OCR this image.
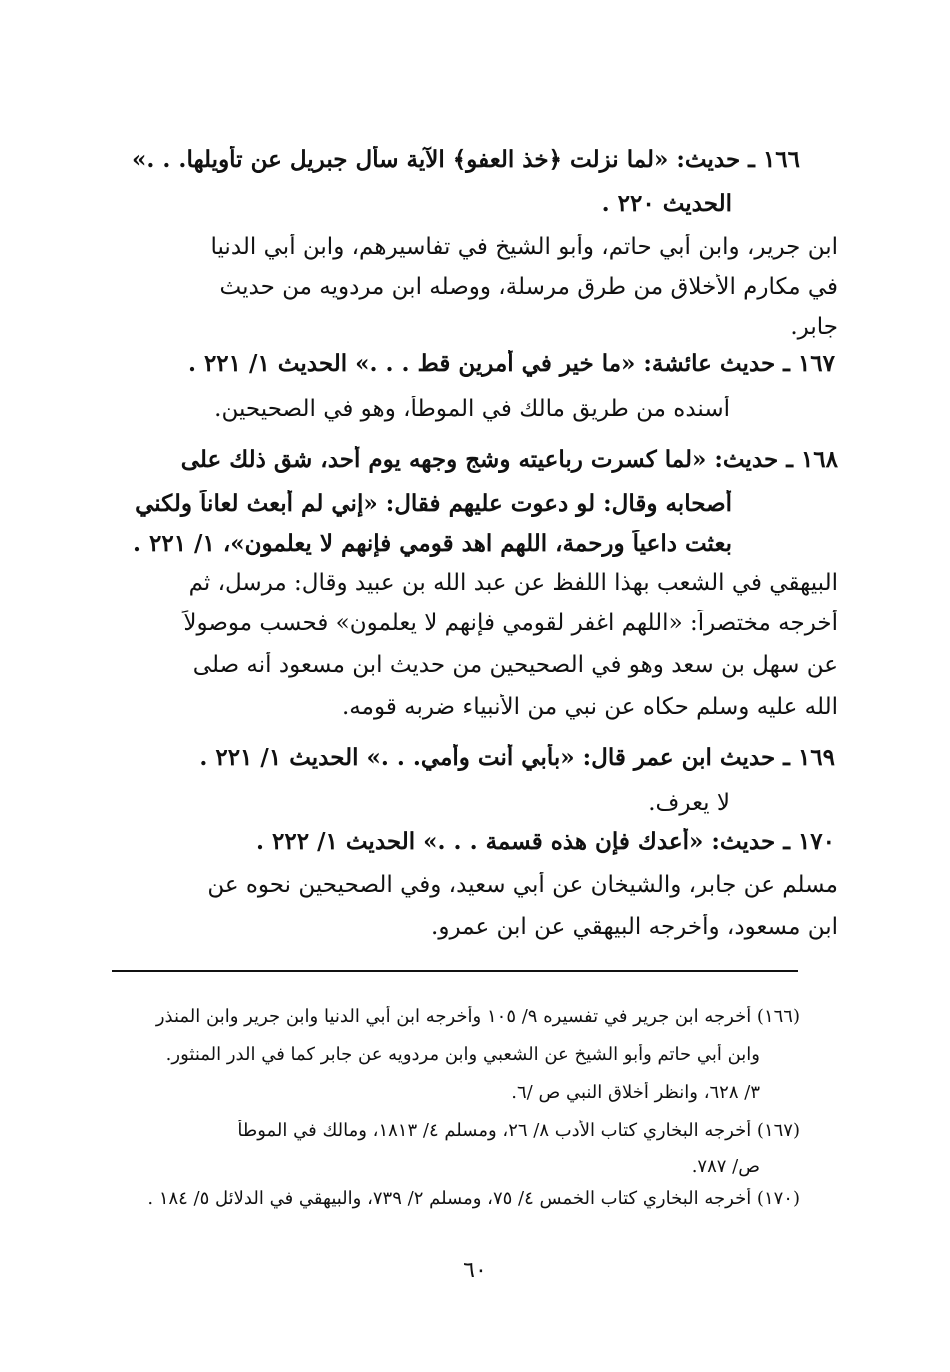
١٦٦ ـ حديث: «لما نزلت ﴿خذ العفو﴾ الآية سأل جبريل عن تأويلها. . .»
الحديث ٢٢٠ .
ابن جرير، وابن أبي حاتم، وأبو الشيخ في تفاسيرهم، وابن أبي الدنيا
في مكارم الأخلاق من طرق مرسلة، ووصله ابن مردويه من حديث
جابر.
١٦٧ ـ حديث عائشة: «ما خير في أمرين قط . . .» الحديث ١/ ٢٢١ .
أسنده من طريق مالك في الموطأ، وهو في الصحيحين.
١٦٨ ـ حديث: «لما كسرت رباعيته وشج وجهه يوم أحد، شق ذلك على
أصحابه وقال: لو دعوت عليهم فقال: «إني لم أبعث لعاناً ولكني
بعثت داعياً ورحمة، اللهم اهد قومي فإنهم لا يعلمون»، ١/ ٢٢١ .
البيهقي في الشعب بهذا اللفظ عن عبد الله بن عبيد وقال: مرسل، ثم
أخرجه مختصراً: «اللهم اغفر لقومي فإنهم لا يعلمون» فحسب موصولاً
عن سهل بن سعد وهو في الصحيحين من حديث ابن مسعود أنه صلى
الله عليه وسلم حكاه عن نبي من الأنبياء ضربه قومه.
١٦٩ ـ حديث ابن عمر قال: «بأبي أنت وأمي. . .» الحديث ١/ ٢٢١ .
لا يعرف.
١٧٠ ـ حديث: «أعدك فإن هذه قسمة . . .» الحديث ١/ ٢٢٢ .
مسلم عن جابر، والشيخان عن أبي سعيد، وفي الصحيحين نحوه عن
ابن مسعود، وأخرجه البيهقي عن ابن عمرو.
(١٦٦) أخرجه ابن جرير في تفسيره ٩/ ١٠٥ وأخرجه ابن أبي الدنيا وابن جرير وابن المنذر
وابن أبي حاتم وأبو الشيخ عن الشعبي وابن مردويه عن جابر كما في الدر المنثور.
٣/ ٦٢٨، وانظر أخلاق النبي ص /٦.
(١٦٧) أخرجه البخاري كتاب الأدب ٨/ ٢٦، ومسلم ٤/ ١٨١٣، ومالك في الموطأ
ص/ ٧٨٧.
(١٧٠) أخرجه البخاري كتاب الخمس ٤/ ٧٥، ومسلم ٢/ ٧٣٩، والبيهقي في الدلائل ٥/ ١٨٤ .
٦٠
